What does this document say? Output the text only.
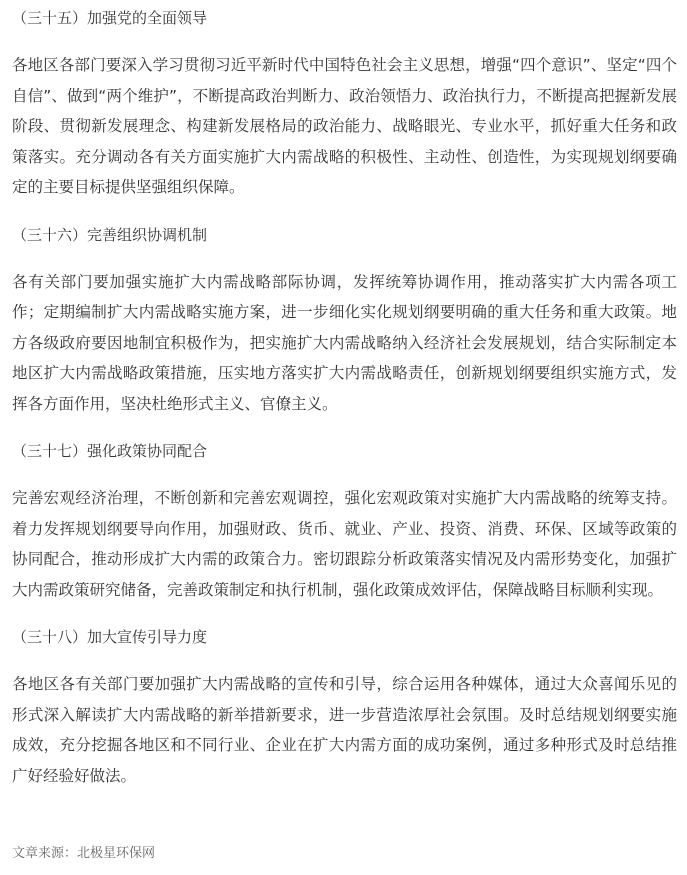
（三十五）加强党的全面领导

各地区各部门要深入学习贯彻习近平新时代中国特色社会主义思想，增强“四个意识”、坚定“四个自信”、做到“两个维护”，不断提高政治判断力、政治领悟力、政治执行力，不断提高把握新发展阶段、贯彻新发展理念、构建新发展格局的政治能力、战略眼光、专业水平，抓好重大任务和政策落实。充分调动各有关方面实施扩大内需战略的积极性、主动性、创造性，为实现规划纲要确定的主要目标提供坚强组织保障。

（三十六）完善组织协调机制

各有关部门要加强实施扩大内需战略部际协调，发挥统筹协调作用，推动落实扩大内需各项工作；定期编制扩大内需战略实施方案，进一步细化实化规划纲要明确的重大任务和重大政策。地方各级政府要因地制宜积极作为，把实施扩大内需战略纳入经济社会发展规划，结合实际制定本地区扩大内需战略政策措施，压实地方落实扩大内需战略责任，创新规划纲要组织实施方式，发挥各方面作用，坚决杜绝形式主义、官僚主义。

（三十七）强化政策协同配合

完善宏观经济治理，不断创新和完善宏观调控，强化宏观政策对实施扩大内需战略的统筹支持。着力发挥规划纲要导向作用，加强财政、货币、就业、产业、投资、消费、环保、区域等政策的协同配合，推动形成扩大内需的政策合力。密切跟踪分析政策落实情况及内需形势变化，加强扩大内需政策研究储备，完善政策制定和执行机制，强化政策成效评估，保障战略目标顺利实现。

（三十八）加大宣传引导力度

各地区各有关部门要加强扩大内需战略的宣传和引导，综合运用各种媒体，通过大众喜闻乐见的形式深入解读扩大内需战略的新举措新要求，进一步营造浓厚社会氛围。及时总结规划纲要实施成效，充分挖掘各地区和不同行业、企业在扩大内需方面的成功案例，通过多种形式及时总结推广好经验好做法。

文章来源：北极星环保网
